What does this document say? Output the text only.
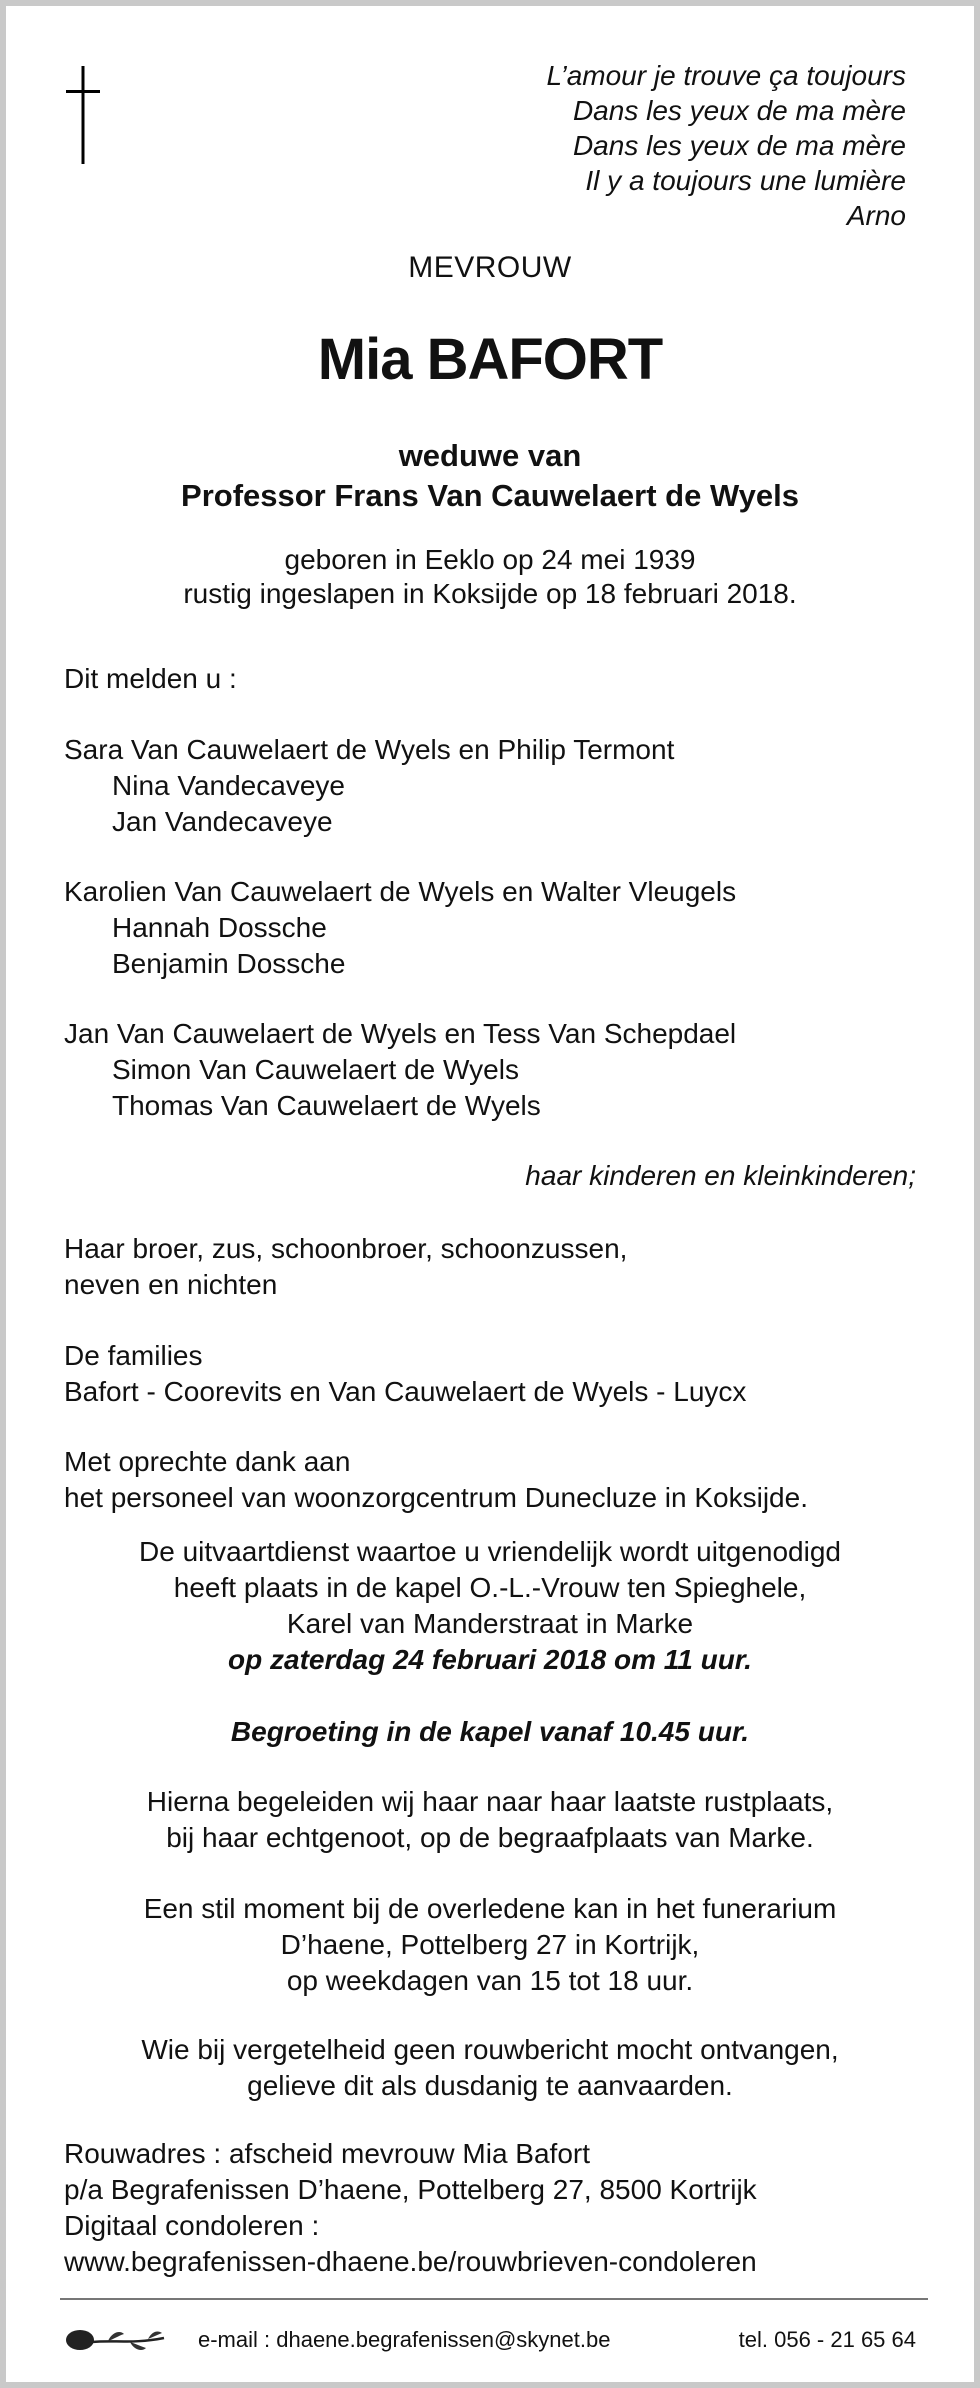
L’amour je trouve ça toujours
Dans les yeux de ma mère
Dans les yeux de ma mère
Il y a toujours une lumière
Arno
MEVROUW
Mia BAFORT
weduwe van
Professor Frans Van Cauwelaert de Wyels
geboren in Eeklo op 24 mei 1939
rustig ingeslapen in Koksijde op 18 februari 2018.
Dit melden u :
Sara Van Cauwelaert de Wyels en Philip Termont
Nina Vandecaveye
Jan Vandecaveye
Karolien Van Cauwelaert de Wyels en Walter Vleugels
Hannah Dossche
Benjamin Dossche
Jan Van Cauwelaert de Wyels en Tess Van Schepdael
Simon Van Cauwelaert de Wyels
Thomas Van Cauwelaert de Wyels
haar kinderen en kleinkinderen;
Haar broer, zus, schoonbroer, schoonzussen,
neven en nichten
De families
Bafort - Coorevits en Van Cauwelaert de Wyels - Luycx
Met oprechte dank aan
het personeel van woonzorgcentrum Dunecluze in Koksijde.
De uitvaartdienst waartoe u vriendelijk wordt uitgenodigd
heeft plaats in de kapel O.-L.-Vrouw ten Spieghele,
Karel van Manderstraat in Marke
op zaterdag 24 februari 2018 om 11 uur.
Begroeting in de kapel vanaf 10.45 uur.
Hierna begeleiden wij haar naar haar laatste rustplaats,
bij haar echtgenoot, op de begraafplaats van Marke.
Een stil moment bij de overledene kan in het funerarium
D’haene, Pottelberg 27 in Kortrijk,
op weekdagen van 15 tot 18 uur.
Wie bij vergetelheid geen rouwbericht mocht ontvangen,
gelieve dit als dusdanig te aanvaarden.
Rouwadres : afscheid mevrouw Mia Bafort
p/a Begrafenissen D’haene, Pottelberg 27, 8500 Kortrijk
Digitaal condoleren :
www.begrafenissen-dhaene.be/rouwbrieven-condoleren
e-mail : dhaene.begrafenissen@skynet.be	tel. 056 - 21 65 64
